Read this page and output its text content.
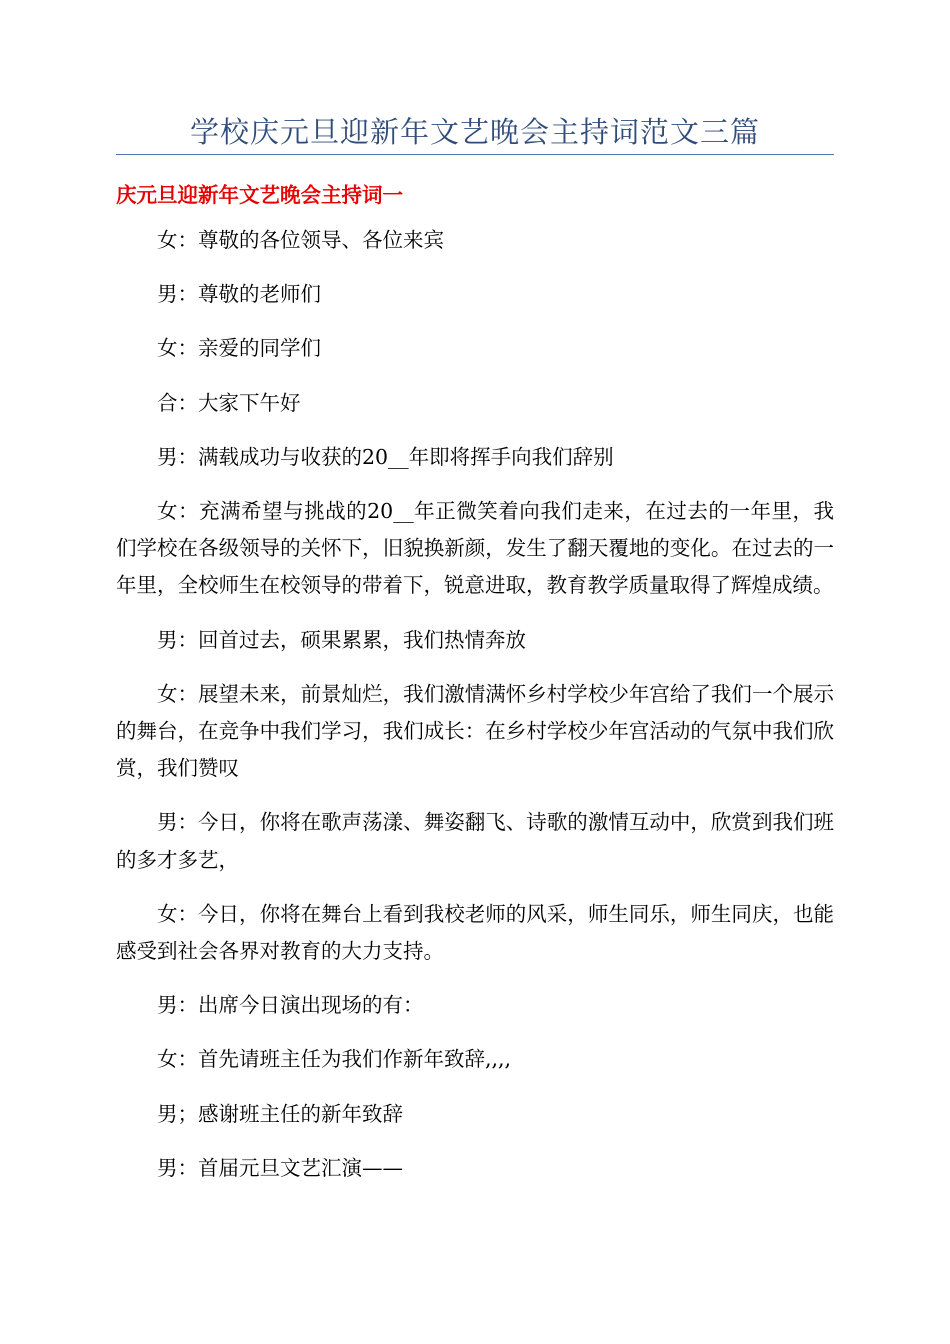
学校庆元旦迎新年文艺晚会主持词范文三篇
庆元旦迎新年文艺晚会主持词一

女：尊敬的各位领导、各位来宾

男：尊敬的老师们

女：亲爱的同学们

合：大家下午好

男：满载成功与收获的20__年即将挥手向我们辞别

女：充满希望与挑战的20__年正微笑着向我们走来，在过去的一年里，我们学校在各级领导的关怀下，旧貌换新颜，发生了翻天覆地的变化。在过去的一年里，全校师生在校领导的带着下，锐意进取，教育教学质量取得了辉煌成绩。

男：回首过去，硕果累累，我们热情奔放

女：展望未来，前景灿烂，我们激情满怀乡村学校少年宫给了我们一个展示的舞台，在竞争中我们学习，我们成长：在乡村学校少年宫活动的气氛中我们欣赏，我们赞叹

男：今日，你将在歌声荡漾、舞姿翻飞、诗歌的激情互动中，欣赏到我们班的多才多艺，

女：今日，你将在舞台上看到我校老师的风采，师生同乐，师生同庆，也能感受到社会各界对教育的大力支持。

男：出席今日演出现场的有：

女：首先请班主任为我们作新年致辞,,,,

男；感谢班主任的新年致辞

男：首届元旦文艺汇演——
